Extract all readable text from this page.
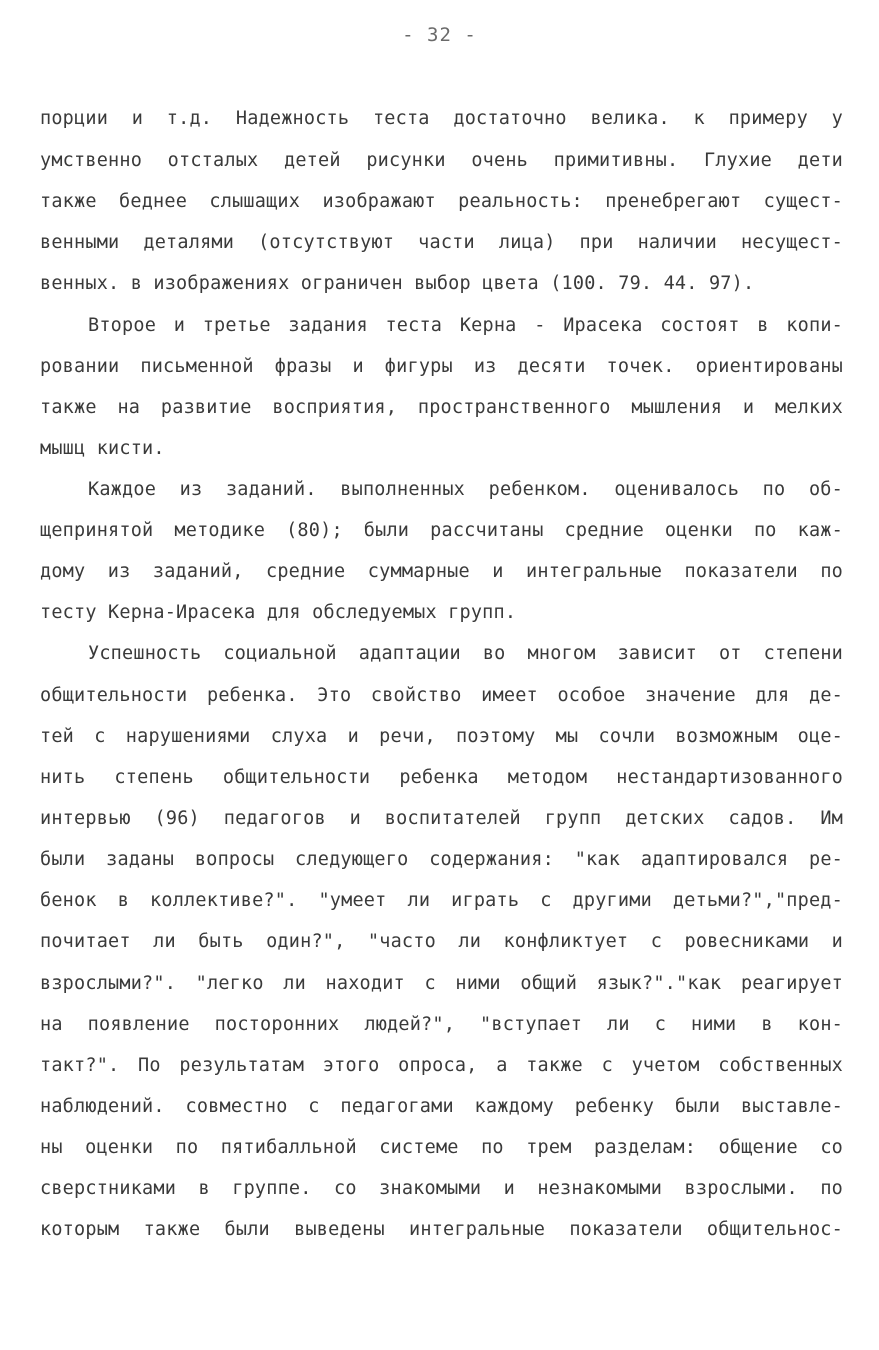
- 32 -
порции и т.д. Надежность теста достаточно велика. к примеру у
умственно отсталых детей рисунки очень примитивны. Глухие дети
также беднее слышащих изображают реальность: пренебрегают сущест-
венными деталями (отсутствуют части лица) при наличии несущест-
венных. в изображениях ограничен выбор цвета (100. 79. 44. 97).
Второе и третье задания теста Керна - Ирасека состоят в копи-
ровании письменной фразы и фигуры из десяти точек. ориентированы
также на развитие восприятия, пространственного мышления и мелких
мышц кисти.
Каждое из заданий. выполненных ребенком. оценивалось по об-
щепринятой методике (80); были рассчитаны средние оценки по каж-
дому из заданий, средние суммарные и интегральные показатели по
тесту Керна-Ирасека для обследуемых групп.
Успешность социальной адаптации во многом зависит от степени
общительности ребенка. Это свойство имеет особое значение для де-
тей с нарушениями слуха и речи, поэтому мы сочли возможным оце-
нить степень общительности ребенка методом нестандартизованного
интервью (96) педагогов и воспитателей групп детских садов. Им
были заданы вопросы следующего содержания: "как адаптировался ре-
бенок в коллективе?". "умеет ли играть с другими детьми?","пред-
почитает ли быть один?", "часто ли конфликтует с ровесниками и
взрослыми?". "легко ли находит с ними общий язык?"."как реагирует
на появление посторонних людей?", "вступает ли с ними в кон-
такт?". По результатам этого опроса, а также с учетом собственных
наблюдений. совместно с педагогами каждому ребенку были выставле-
ны оценки по пятибалльной системе по трем разделам: общение со
сверстниками в группе. со знакомыми и незнакомыми взрослыми. по
которым также были выведены интегральные показатели общительнос-
